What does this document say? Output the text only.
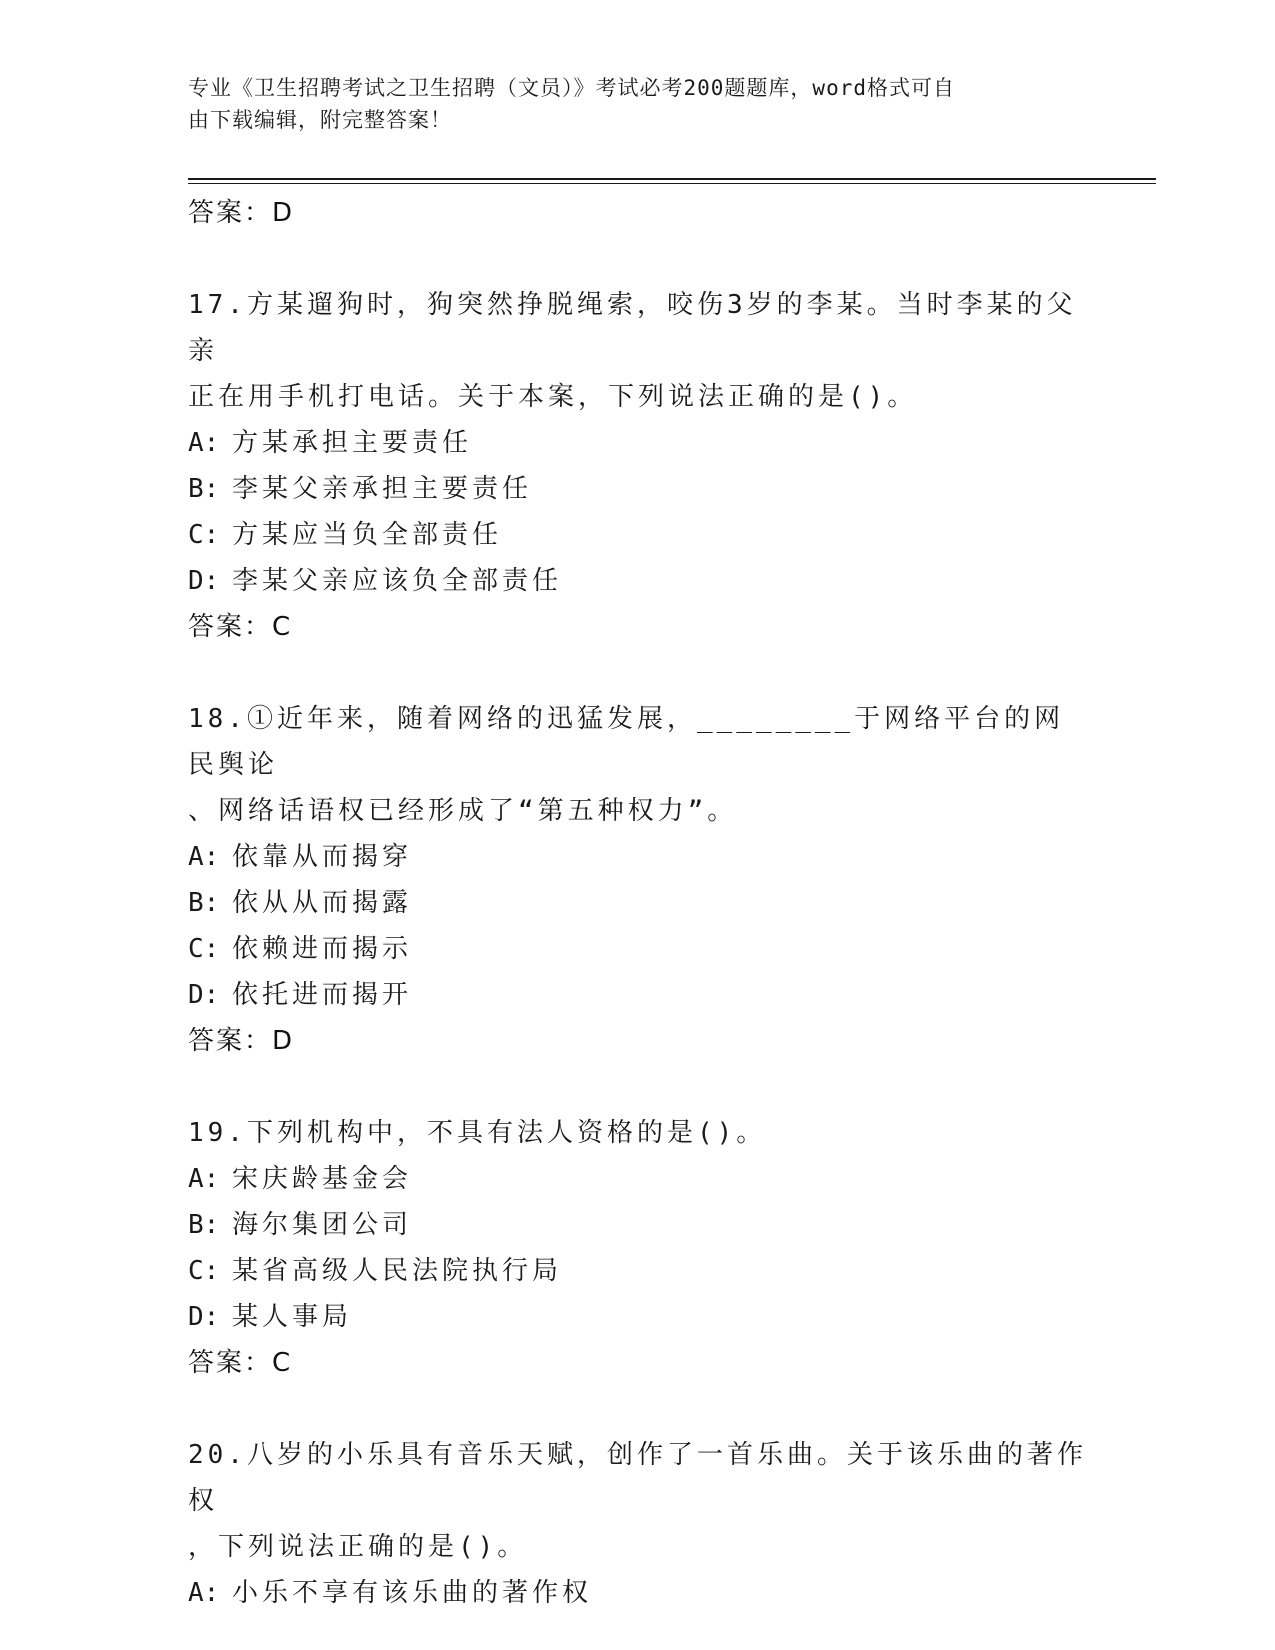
专业《卫生招聘考试之卫生招聘（文员）》考试必考200题题库，word格式可自
由下载编辑，附完整答案！
答案：D
17.方某遛狗时，狗突然挣脱绳索，咬伤3岁的李某。当时李某的父亲
正在用手机打电话。关于本案，下列说法正确的是()。
A: 方某承担主要责任
B: 李某父亲承担主要责任
C: 方某应当负全部责任
D: 李某父亲应该负全部责任
答案：C
18.①近年来，随着网络的迅猛发展，________于网络平台的网民舆论
、网络话语权已经形成了“第五种权力”。
A: 依靠从而揭穿
B: 依从从而揭露
C: 依赖进而揭示
D: 依托进而揭开
答案：D
19.下列机构中，不具有法人资格的是()。
A: 宋庆龄基金会
B: 海尔集团公司
C: 某省高级人民法院执行局
D: 某人事局
答案：C
20.八岁的小乐具有音乐天赋，创作了一首乐曲。关于该乐曲的著作权
，下列说法正确的是()。
A: 小乐不享有该乐曲的著作权
